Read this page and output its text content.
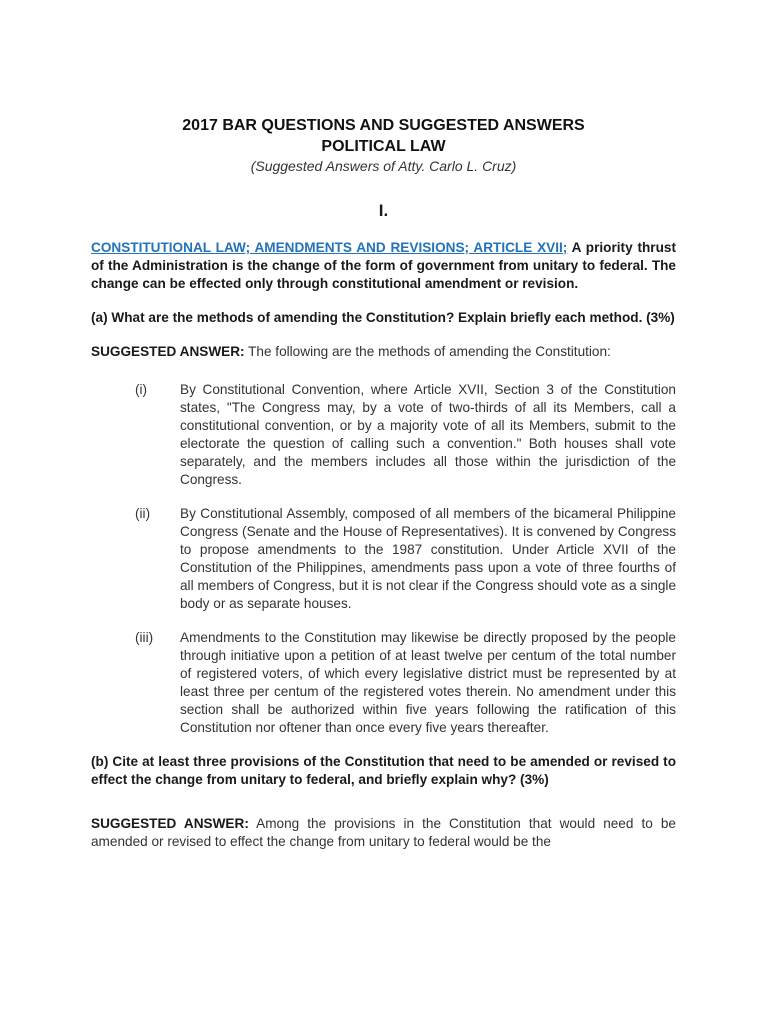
2017 BAR QUESTIONS AND SUGGESTED ANSWERS
POLITICAL LAW
(Suggested Answers of Atty. Carlo L. Cruz)
I.
CONSTITUTIONAL LAW; AMENDMENTS AND REVISIONS; ARTICLE XVII; A priority thrust of the Administration is the change of the form of government from unitary to federal. The change can be effected only through constitutional amendment or revision.
(a) What are the methods of amending the Constitution? Explain briefly each method. (3%)
SUGGESTED ANSWER: The following are the methods of amending the Constitution:
(i)	By Constitutional Convention, where Article XVII, Section 3 of the Constitution states, "The Congress may, by a vote of two-thirds of all its Members, call a constitutional convention, or by a majority vote of all its Members, submit to the electorate the question of calling such a convention." Both houses shall vote separately, and the members includes all those within the jurisdiction of the Congress.
(ii)	By Constitutional Assembly, composed of all members of the bicameral Philippine Congress (Senate and the House of Representatives). It is convened by Congress to propose amendments to the 1987 constitution. Under Article XVII of the Constitution of the Philippines, amendments pass upon a vote of three fourths of all members of Congress, but it is not clear if the Congress should vote as a single body or as separate houses.
(iii)	Amendments to the Constitution may likewise be directly proposed by the people through initiative upon a petition of at least twelve per centum of the total number of registered voters, of which every legislative district must be represented by at least three per centum of the registered votes therein. No amendment under this section shall be authorized within five years following the ratification of this Constitution nor oftener than once every five years thereafter.
(b) Cite at least three provisions of the Constitution that need to be amended or revised to effect the change from unitary to federal, and briefly explain why? (3%)
SUGGESTED ANSWER: Among the provisions in the Constitution that would need to be amended or revised to effect the change from unitary to federal would be the
